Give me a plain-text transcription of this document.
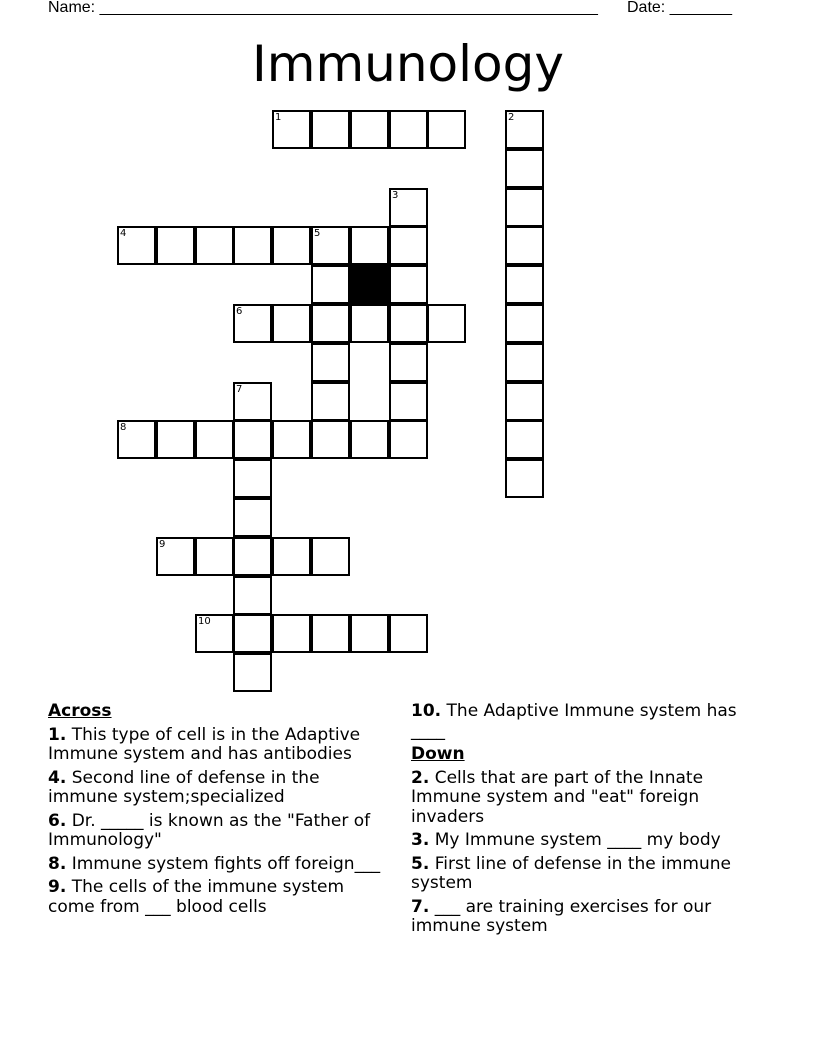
Name: ________________________________________________________ Date: _______
Immunology
1	2
3
4	5
6
7
8
9
10
Across
1. This type of cell is in the Adaptive Immune system and has antibodies
4. Second line of defense in the immune system;specialized
6. Dr. _____ is known as the "Father of Immunology"
8. Immune system fights off foreign___
9. The cells of the immune system come from ___ blood cells
10. The Adaptive Immune system has ____
Down
2. Cells that are part of the Innate Immune system and "eat" foreign invaders
3. My Immune system ____ my body
5. First line of defense in the immune system
7. ___ are training exercises for our immune system
